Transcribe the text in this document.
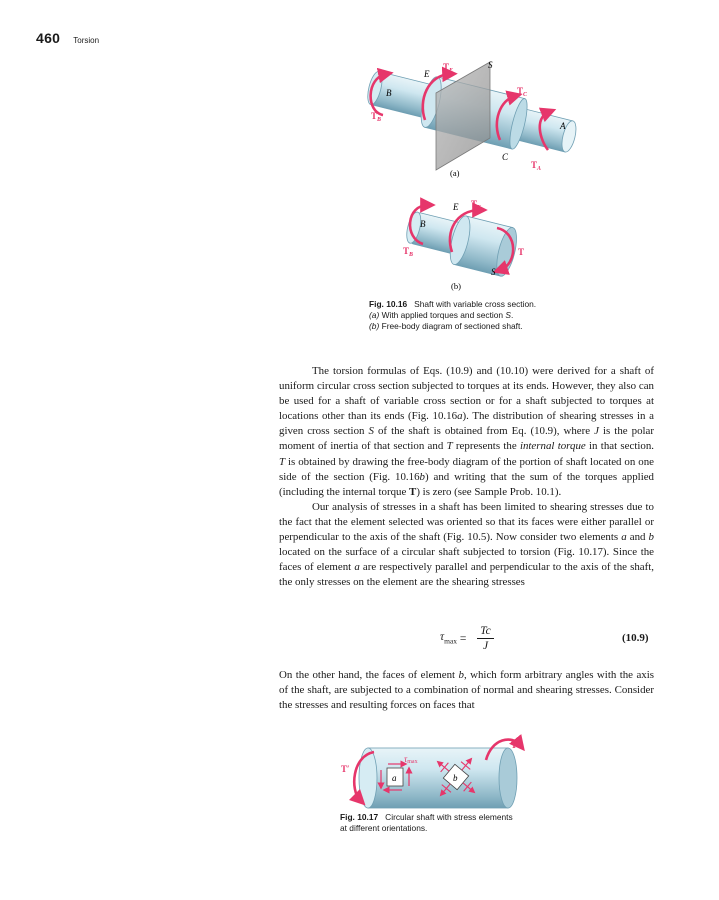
460 Torsion
$T_E$
E
S
$T_C$
B
$T_B$
A
C
$T_A$
(a)
$T_E$
E
B
$T_B$	T
S
(b)
Fig. 10.16 Shaft with variable cross section.
(a) With applied torques and section S.
(b) Free-body diagram of sectioned shaft.

The torsion formulas of Eqs. (10.9) and (10.10) were derived for a shaft of uniform circular cross section subjected to torques at its ends. However, they also can be used for a shaft of variable cross section or for a shaft subjected to torques at locations other than its ends (Fig. 10.16a). The distribution of shearing stresses in a given cross section S of the shaft is obtained from Eq. (10.9), where J is the polar moment of inertia of that section and T represents the internal torque in that section. T is obtained by drawing the free-body diagram of the portion of shaft located on one side of the section (Fig. 10.16b) and writing that the sum of the torques applied (including the internal torque T) is zero (see Sample Prob. 10.1).

Our analysis of stresses in a shaft has been limited to shearing stresses due to the fact that the element selected was oriented so that its faces were either parallel or perpendicular to the axis of the shaft (Fig. 10.5). Now consider two elements a and b located on the surface of a circular shaft subjected to torsion (Fig. 10.17). Since the faces of element a are respectively parallel and perpendicular to the axis of the shaft, the only stresses on the element are the shearing stresses

$\tau_{max} = \frac{Tc}{J}$	(10.9)

On the other hand, the faces of element b, which form arbitrary angles with the axis of the shaft, are subjected to a combination of normal and shearing stresses. Consider the stresses and resulting forces on faces that

T
T′
τmax
a	b
Fig. 10.17 Circular shaft with stress elements
at different orientations.
